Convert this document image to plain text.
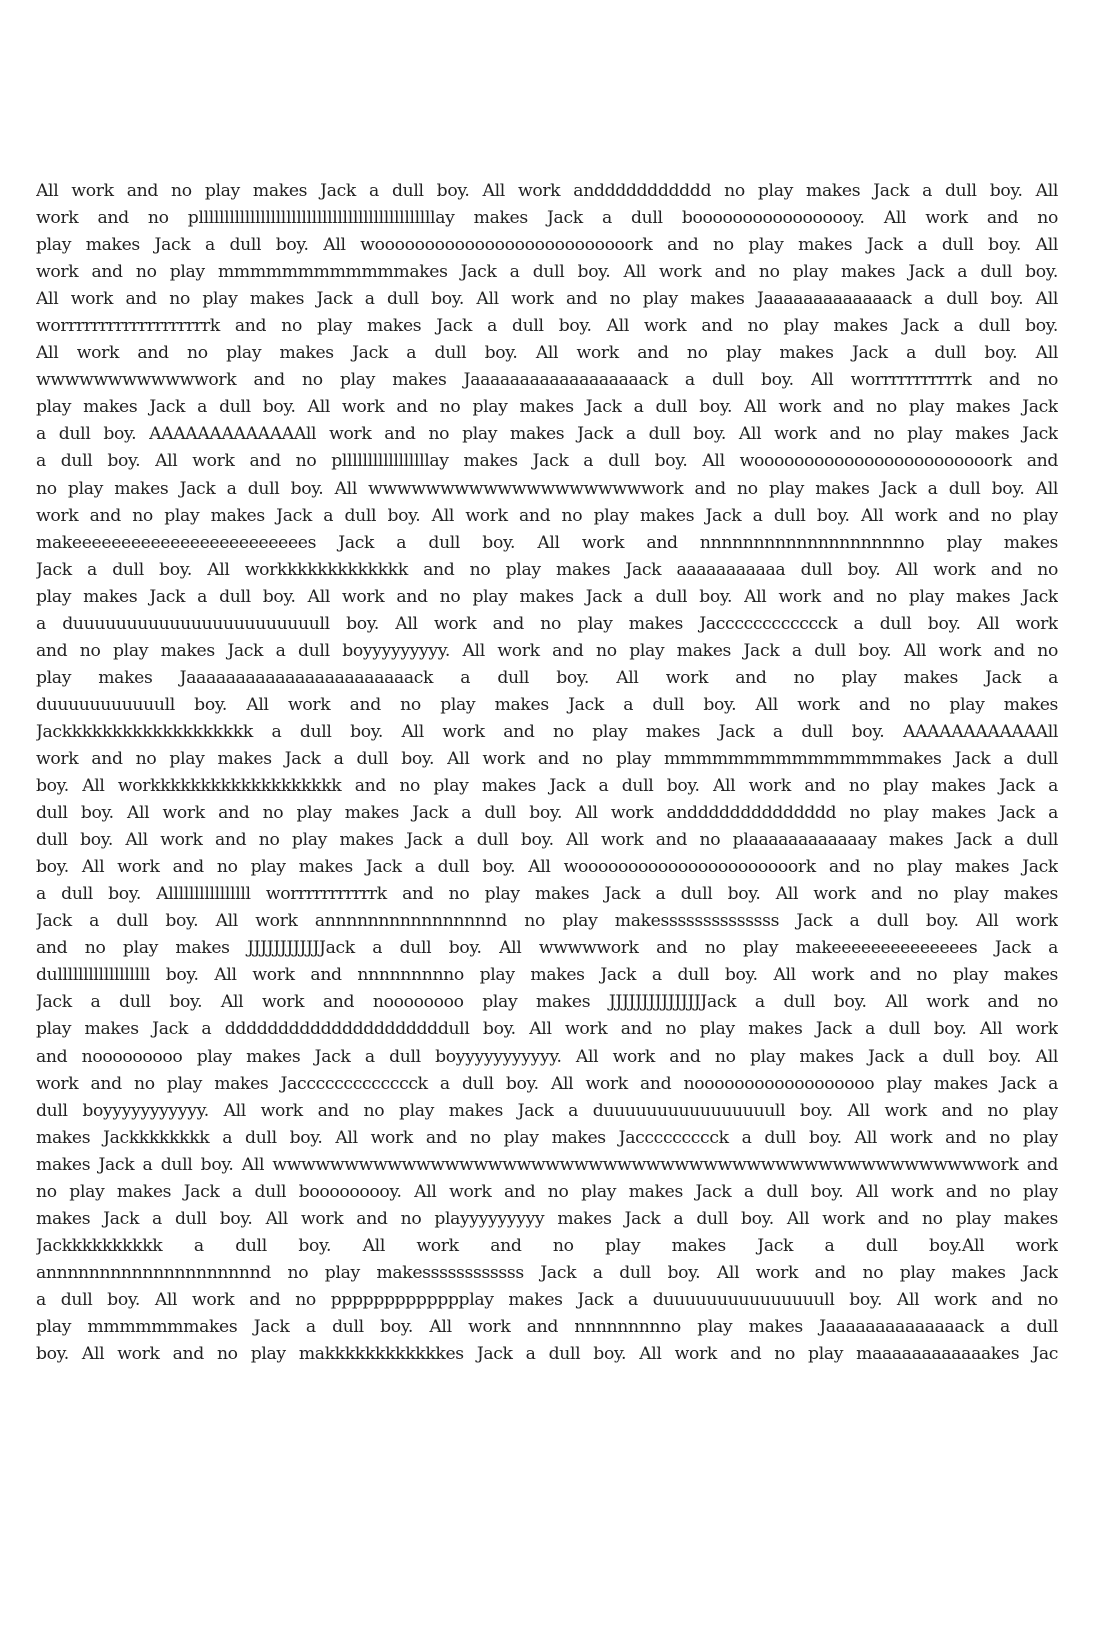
All work and no play makes Jack a dull boy. All work anddddddddddd no play makes Jack a dull boy. All
work and no pllllllllllllllllllllllllllllllllllllllllllllllay makes Jack a dull booooooooooooooooy. All work and no
play makes Jack a dull boy. All woooooooooooooooooooooooooork and no play makes Jack a dull boy. All
work and no play mmmmmmmmmmmmakes Jack a dull boy. All work and no play makes Jack a dull boy.
All work and no play makes Jack a dull boy. All work and no play makes Jaaaaaaaaaaaaack a dull boy. All
worrrrrrrrrrrrrrrrrrrk and no play makes Jack a dull boy. All work and no play makes Jack a dull boy.
All work and no play makes Jack a dull boy. All work and no play makes Jack a dull boy. All
wwwwwwwwwwwwork and no play makes Jaaaaaaaaaaaaaaaaaack a dull boy. All worrrrrrrrrrrk and no
play makes Jack a dull boy. All work and no play makes Jack a dull boy. All work and no play makes Jack
a dull boy. AAAAAAAAAAAAAll work and no play makes Jack a dull boy. All work and no play makes Jack
a dull boy. All work and no plllllllllllllllllay makes Jack a dull boy. All woooooooooooooooooooooooork and
no play makes Jack a dull boy. All wwwwwwwwwwwwwwwwwwwwork and no play makes Jack a dull boy. All
work and no play makes Jack a dull boy. All work and no play makes Jack a dull boy. All work and no play
makeeeeeeeeeeeeeeeeeeeeeeees Jack a dull boy. All work and nnnnnnnnnnnnnnnnnnnno play makes
Jack a dull boy. All workkkkkkkkkkkkk and no play makes Jack aaaaaaaaaaa dull boy. All work and no
play makes Jack a dull boy. All work and no play makes Jack a dull boy. All work and no play makes Jack
a duuuuuuuuuuuuuuuuuuuuuuull boy. All work and no play makes Jacccccccccccck a dull boy. All work
and no play makes Jack a dull boyyyyyyyyy. All work and no play makes Jack a dull boy. All work and no
play makes Jaaaaaaaaaaaaaaaaaaaaaaack a dull boy. All work and no play makes Jack a
duuuuuuuuuuull boy. All work and no play makes Jack a dull boy. All work and no play makes
Jackkkkkkkkkkkkkkkkkkk a dull boy. All work and no play makes Jack a dull boy. AAAAAAAAAAAAll
work and no play makes Jack a dull boy. All work and no play mmmmmmmmmmmmmmmakes Jack a dull
boy. All workkkkkkkkkkkkkkkkkkk and no play makes Jack a dull boy. All work and no play makes Jack a
dull boy. All work and no play makes Jack a dull boy. All work andddddddddddddd no play makes Jack a
dull boy. All work and no play makes Jack a dull boy. All work and no plaaaaaaaaaaaay makes Jack a dull
boy. All work and no play makes Jack a dull boy. All woooooooooooooooooooooork and no play makes Jack
a dull boy. Allllllllllllllll worrrrrrrrrrrk and no play makes Jack a dull boy. All work and no play makes
Jack a dull boy. All work annnnnnnnnnnnnnnnd no play makessssssssssssss Jack a dull boy. All work
and no play makes JJJJJJJJJJJJack a dull boy. All wwwwwork and no play makeeeeeeeeeeeeees Jack a
dullllllllllllllllll boy. All work and nnnnnnnnno play makes Jack a dull boy. All work and no play makes
Jack a dull boy. All work and noooooooo play makes JJJJJJJJJJJJJJJack a dull boy. All work and no
play makes Jack a dddddddddddddddddddddull boy. All work and no play makes Jack a dull boy. All work
and nooooooooo play makes Jack a dull boyyyyyyyyyyy. All work and no play makes Jack a dull boy. All
work and no play makes Jaccccccccccccck a dull boy. All work and noooooooooooooooooo play makes Jack a
dull boyyyyyyyyyyy. All work and no play makes Jack a duuuuuuuuuuuuuuuull boy. All work and no play
makes Jackkkkkkkk a dull boy. All work and no play makes Jaccccccccck a dull boy. All work and no play
makes Jack a dull boy. All wwwwwwwwwwwwwwwwwwwwwwwwwwwwwwwwwwwwwwwwwwwwwwwwwwork and
no play makes Jack a dull booooooooy. All work and no play makes Jack a dull boy. All work and no play
makes Jack a dull boy. All work and no playyyyyyyyy makes Jack a dull boy. All work and no play makes
Jackkkkkkkkkk a dull boy. All work and no play makes Jack a dull boy.All work
annnnnnnnnnnnnnnnnnnnd no play makessssssssssss Jack a dull boy. All work and no play makes Jack
a dull boy. All work and no ppppppppppppplay makes Jack a duuuuuuuuuuuuuuull boy. All work and no
play mmmmmmmakes Jack a dull boy. All work and nnnnnnnnno play makes Jaaaaaaaaaaaaaack a dull
boy. All work and no play makkkkkkkkkkkkes Jack a dull boy. All work and no play maaaaaaaaaaaakes Jac
